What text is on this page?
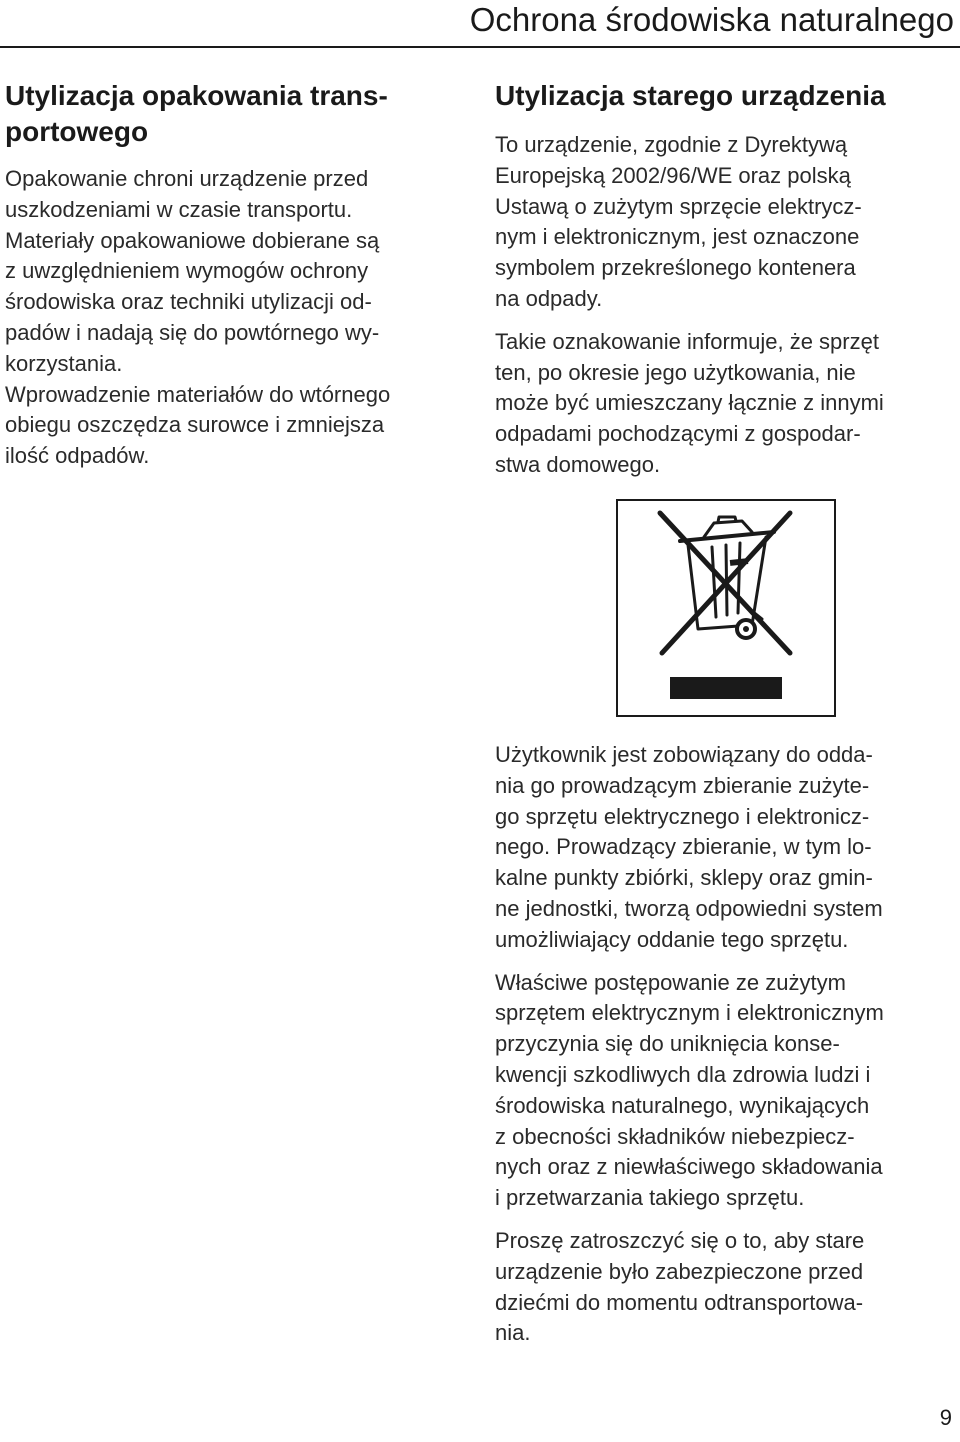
Ochrona środowiska naturalnego
Utylizacja opakowania trans-
portowego
Opakowanie chroni urządzenie przed
uszkodzeniami w czasie transportu.
Materiały opakowaniowe dobierane są
z uwzględnieniem wymogów ochrony
środowiska oraz techniki utylizacji od-
padów i nadają się do powtórnego wy-
korzystania.
Wprowadzenie materiałów do wtórnego
obiegu oszczędza surowce i zmniejsza
ilość odpadów.
Utylizacja starego urządzenia
To urządzenie, zgodnie z Dyrektywą
Europejską 2002/96/WE oraz polską
Ustawą o zużytym sprzęcie elektrycz-
nym i elektronicznym, jest oznaczone
symbolem przekreślonego kontenera
na odpady.
Takie oznakowanie informuje, że sprzęt
ten, po okresie jego użytkowania, nie
może być umieszczany łącznie z innymi
odpadami pochodzącymi z gospodar-
stwa domowego.
Użytkownik jest zobowiązany do odda-
nia go prowadzącym zbieranie zużyte-
go sprzętu elektrycznego i elektronicz-
nego. Prowadzący zbieranie, w tym lo-
kalne punkty zbiórki, sklepy oraz gmin-
ne jednostki, tworzą odpowiedni system
umożliwiający oddanie tego sprzętu.
Właściwe postępowanie ze zużytym
sprzętem elektrycznym i elektronicznym
przyczynia się do uniknięcia konse-
kwencji szkodliwych dla zdrowia ludzi i
środowiska naturalnego, wynikających
z obecności składników niebezpiecz-
nych oraz z niewłaściwego składowania
i przetwarzania takiego sprzętu.
Proszę zatroszczyć się o to, aby stare
urządzenie było zabezpieczone przed
dziećmi do momentu odtransportowa-
nia.
9
